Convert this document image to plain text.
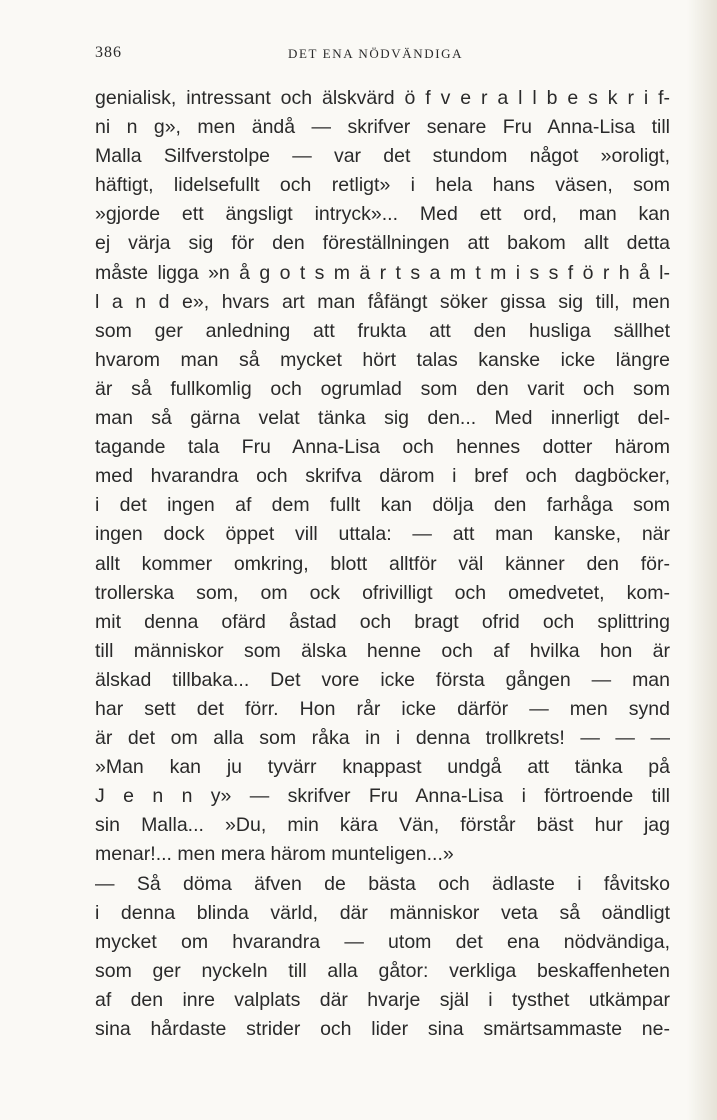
386	DET ENA NÖDVÄNDIGA
genialisk, intressant och älskvärd ö f v e r a l l b e s k r i f-
ni n g», men ändå — skrifver senare Fru Anna-Lisa till
Malla Silfverstolpe — var det stundom något »oroligt,
häftigt, lidelsefullt och retligt» i hela hans väsen, som
»gjorde ett ängsligt intryck»... Med ett ord, man kan
ej värja sig för den föreställningen att bakom allt detta
måste ligga »n å g o t s m ä r t s a m t m i s s f ö r h å l-
l a n d e», hvars art man fåfängt söker gissa sig till, men
som ger anledning att frukta att den husliga sällhet
hvarom man så mycket hört talas kanske icke längre
är så fullkomlig och ogrumlad som den varit och som
man så gärna velat tänka sig den... Med innerligt del-
tagande tala Fru Anna-Lisa och hennes dotter härom
med hvarandra och skrifva därom i bref och dagböcker,
i det ingen af dem fullt kan dölja den farhåga som
ingen dock öppet vill uttala: — att man kanske, när
allt kommer omkring, blott alltför väl känner den för-
trollerska som, om ock ofrivilligt och omedvetet, kom-
mit denna ofärd åstad och bragt ofrid och splittring
till människor som älska henne och af hvilka hon är
älskad tillbaka... Det vore icke första gången — man
har sett det förr. Hon rår icke därför — men synd
är det om alla som råka in i denna trollkrets! — — —
»Man kan ju tyvärr knappast undgå att tänka på
J e n n y» — skrifver Fru Anna-Lisa i förtroende till
sin Malla... »Du, min kära Vän, förstår bäst hur jag
menar!... men mera härom munteligen...»
— Så döma äfven de bästa och ädlaste i fåvitsko
i denna blinda värld, där människor veta så oändligt
mycket om hvarandra — utom det ena nödvändiga,
som ger nyckeln till alla gåtor: verkliga beskaffenheten
af den inre valplats där hvarje själ i tysthet utkämpar
sina hårdaste strider och lider sina smärtsammaste ne-
